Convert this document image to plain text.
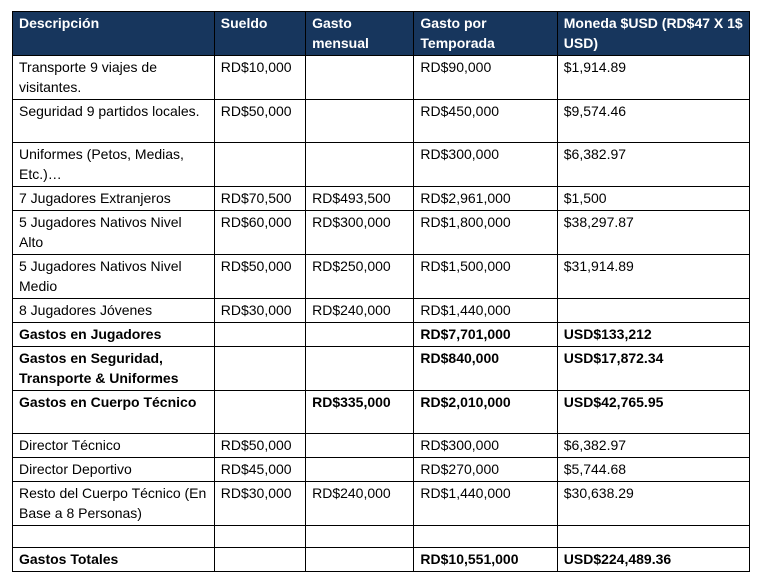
Descripción	Sueldo	Gasto mensual	Gasto por Temporada	Moneda $USD (RD$47 X 1$ USD)
Transporte 9 viajes de visitantes.	RD$10,000		RD$90,000	$1,914.89
Seguridad 9 partidos locales.	RD$50,000		RD$450,000	$9,574.46
Uniformes (Petos, Medias, Etc.)…			RD$300,000	$6,382.97
7 Jugadores Extranjeros	RD$70,500	RD$493,500	RD$2,961,000	$1,500
5 Jugadores Nativos Nivel Alto	RD$60,000	RD$300,000	RD$1,800,000	$38,297.87
5 Jugadores Nativos Nivel Medio	RD$50,000	RD$250,000	RD$1,500,000	$31,914.89
8 Jugadores Jóvenes	RD$30,000	RD$240,000	RD$1,440,000	
Gastos en Jugadores			RD$7,701,000	USD$133,212
Gastos en Seguridad, Transporte & Uniformes			RD$840,000	USD$17,872.34
Gastos en Cuerpo Técnico		RD$335,000	RD$2,010,000	USD$42,765.95
Director Técnico	RD$50,000		RD$300,000	$6,382.97
Director Deportivo	RD$45,000		RD$270,000	$5,744.68
Resto del Cuerpo Técnico (En Base a 8 Personas)	RD$30,000	RD$240,000	RD$1,440,000	$30,638.29

Gastos Totales			RD$10,551,000	USD$224,489.36
